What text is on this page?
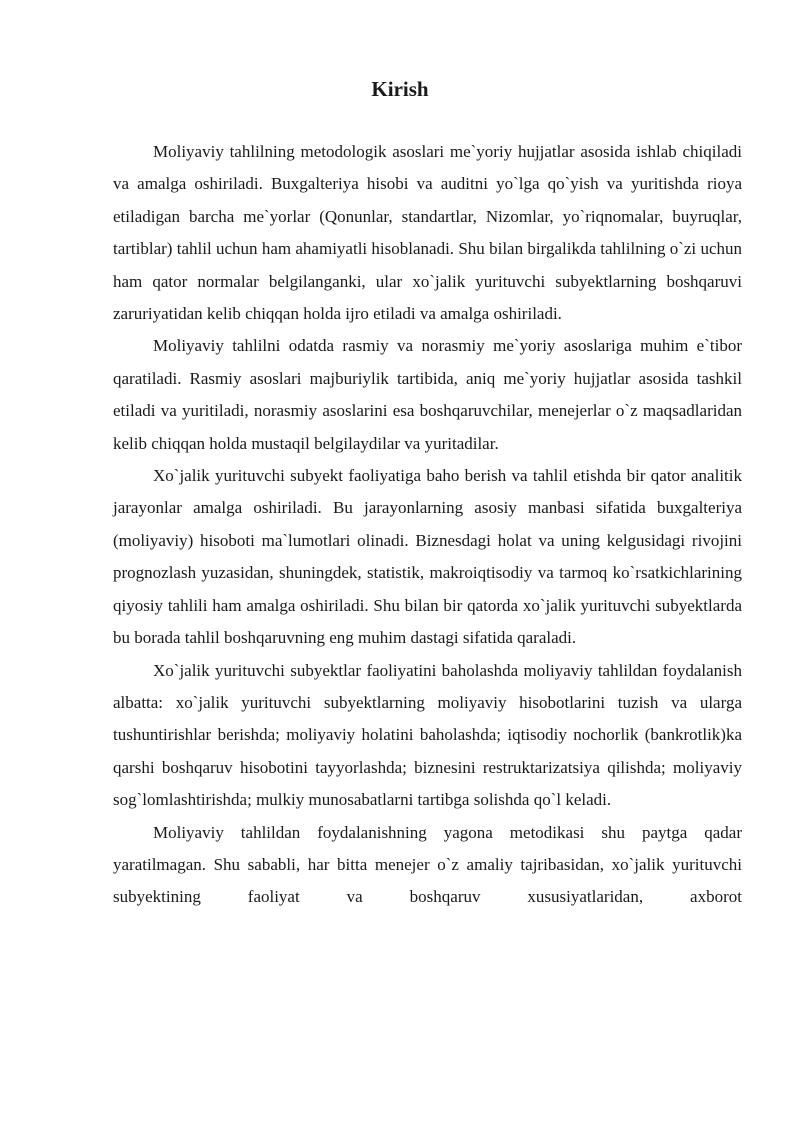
Kirish

Moliyaviy tahlilning metodologik asoslari me`yoriy hujjatlar asosida ishlab chiqiladi va amalga oshiriladi. Buxgalteriya hisobi va auditni yo`lga qo`yish va yuritishda rioya etiladigan barcha me`yorlar (Qonunlar, standartlar, Nizomlar, yo`riqnomalar, buyruqlar, tartiblar) tahlil uchun ham ahamiyatli hisoblanadi. Shu bilan birgalikda tahlilning o`zi uchun ham qator normalar belgilanganki, ular xo`jalik yurituvchi subyektlarning boshqaruvi zaruriyatidan kelib chiqqan holda ijro etiladi va amalga oshiriladi.

Moliyaviy tahlilni odatda rasmiy va norasmiy me`yoriy asoslariga muhim e`tibor qaratiladi. Rasmiy asoslari majburiylik tartibida, aniq me`yoriy hujjatlar asosida tashkil etiladi va yuritiladi, norasmiy asoslarini esa boshqaruvchilar, menejerlar o`z maqsadlaridan kelib chiqqan holda mustaqil belgilaydilar va yuritadilar.

Xo`jalik yurituvchi subyekt faoliyatiga baho berish va tahlil etishda bir qator analitik jarayonlar amalga oshiriladi. Bu jarayonlarning asosiy manbasi sifatida buxgalteriya (moliyaviy) hisoboti ma`lumotlari olinadi. Biznesdagi holat va uning kelgusidagi rivojini prognozlash yuzasidan, shuningdek, statistik, makroiqtisodiy va tarmoq ko`rsatkichlarining qiyosiy tahlili ham amalga oshiriladi. Shu bilan bir qatorda xo`jalik yurituvchi subyektlarda bu borada tahlil boshqaruvning eng muhim dastagi sifatida qaraladi.

Xo`jalik yurituvchi subyektlar faoliyatini baholashda moliyaviy tahlildan foydalanish albatta: xo`jalik yurituvchi subyektlarning moliyaviy hisobotlarini tuzish va ularga tushuntirishlar berishda; moliyaviy holatini baholashda; iqtisodiy nochorlik (bankrotlik)ka qarshi boshqaruv hisobotini tayyorlashda; biznesini restruktarizatsiya qilishda; moliyaviy sog`lomlashtirishda; mulkiy munosabatlarni tartibga solishda qo`l keladi.

Moliyaviy tahlildan foydalanishning yagona metodikasi shu paytga qadar yaratilmagan. Shu sababli, har bitta menejer o`z amaliy tajribasidan, xo`jalik yurituvchi subyektining faoliyat va boshqaruv xususiyatlaridan, axborot
